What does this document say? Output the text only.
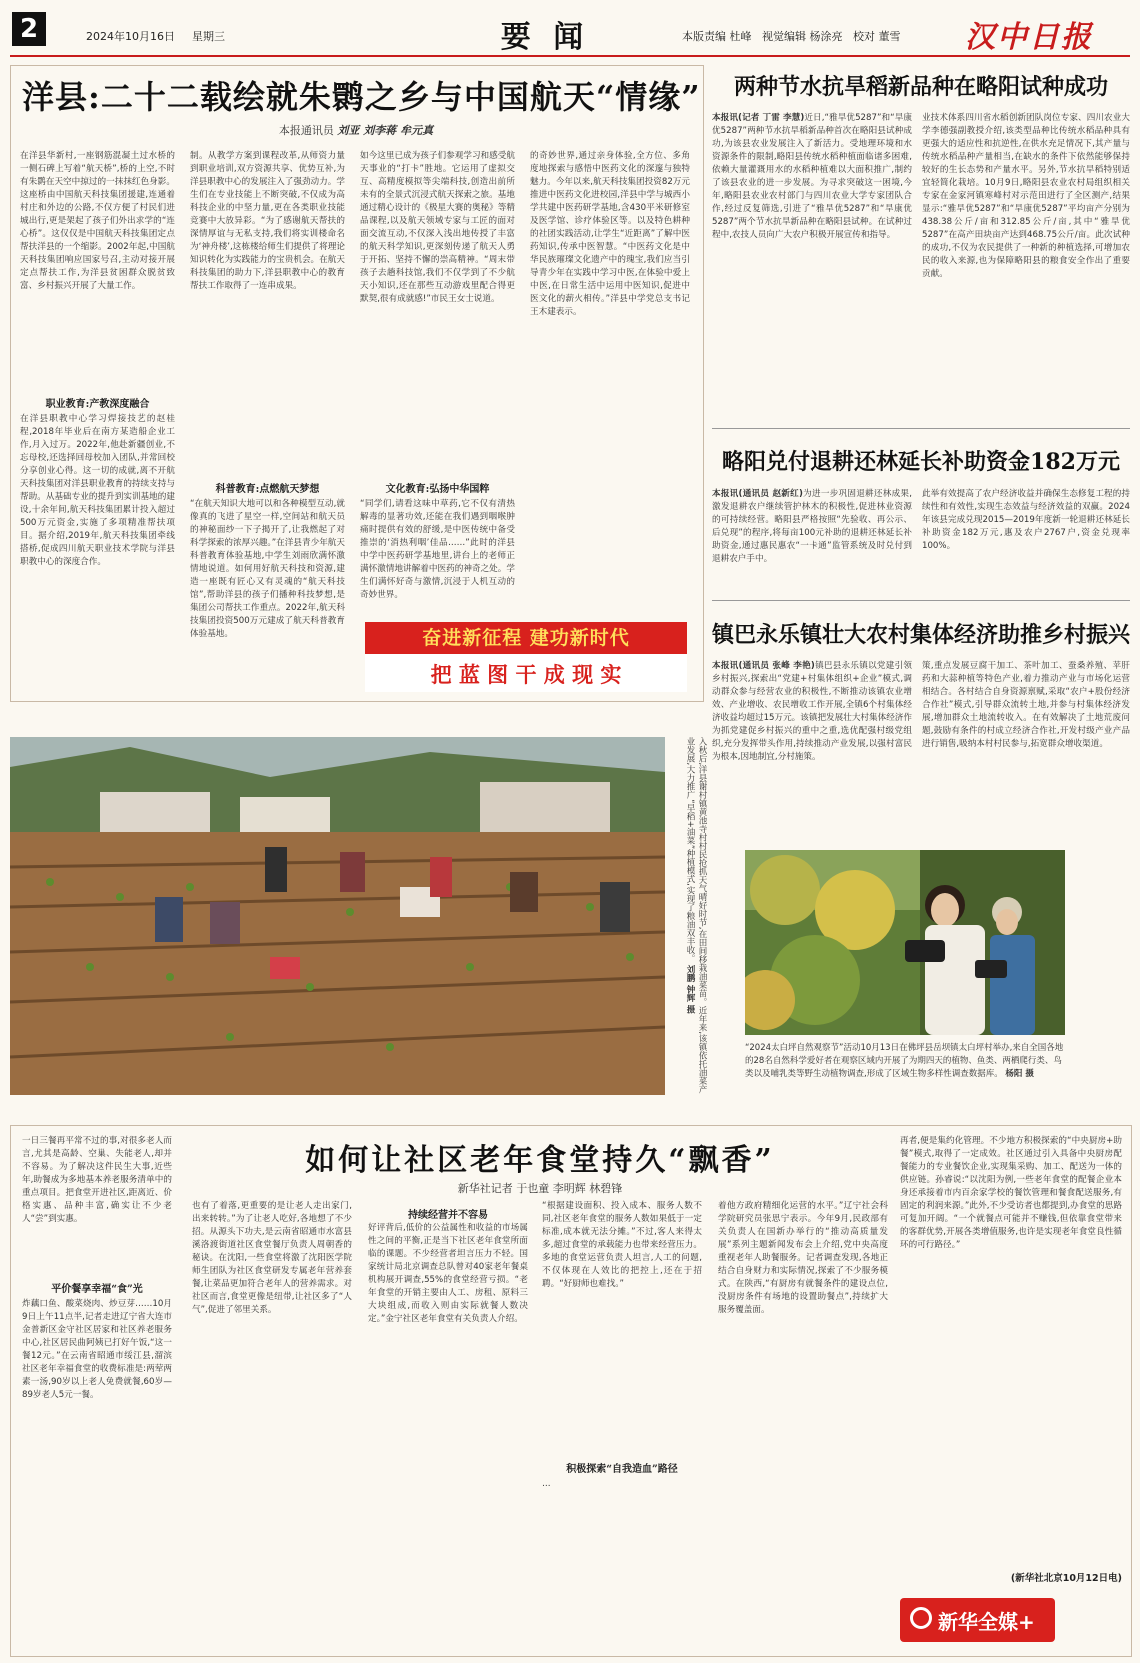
2	2024年10月16日 星期三	要 闻	本版责编 杜峰 视觉编辑 杨涂亮 校对 董雪 汉中日报
洋县:二十二载绘就朱鹮之乡与中国航天“情缘”
本报通讯员 刘亚 刘李蒋 牟元真
在洋县华新村,一座钢筋混凝土过水桥的一侧石碑上写着“航天桥”,桥的上空,不时有朱鹮在天空中掠过的一抹抹红色身影。这座桥由中国航天科技集团援建,连通着村庄和外边的公路,不仅方便了村民们进城出行,更是架起了孩子们外出求学的“连心桥”。这仅仅是中国航天科技集团定点帮扶洋县的一个缩影。2002年起,中国航天科技集团响应国家号召,主动对接开展定点帮扶工作,为洋县贫困群众脱贫致富、乡村振兴开展了大量工作。
职业教育:产教深度融合
在洋县职教中心学习焊接技艺的赵桂程,2018年毕业后在南方某造船企业工作,月入过万。2022年,他赴新疆创业,不忘母校,还选择回母校加入团队,并常回校分享创业心得。这一切的成就,离不开航天科技集团对洋县职业教育的持续支持与帮助。从基础专业的提升到实训基地的建设,十余年间,航天科技集团累计投入超过500万元资金,实施了多项精准帮扶项目。据介绍,2019年,航天科技集团牵线搭桥,促成四川航天职业技术学院与洋县职教中心的深度合作。
制。从教学方案到课程改革,从师资力量到职业培训,双方资源共享、优势互补,为洋县职教中心的发展注入了强劲动力。学生们在专业技能上不断突破,不仅成为高科技企业的中坚力量,更在各类职业技能竞赛中大放异彩。“为了感谢航天帮扶的深情厚谊与无私支持,我们将实训楼命名为‘神舟楼’,这栋楼给师生们提供了将理论知识转化为实践能力的宝贵机会。在航天科技集团的助力下,洋县职教中心的教育帮扶工作取得了一连串成果。
科普教育:点燃航天梦想
“在航天知识大地可以和各种模型互动,就像真的飞进了星空一样,空间站和航天员的神秘面纱一下子揭开了,让我燃起了对科学探索的浓厚兴趣。”在洋县青少年航天科普教育体验基地,中学生刘雨欣满怀激情地说道。如何用好航天科技和资源,建造一座既有匠心又有灵魂的“航天科技馆”,帮助洋县的孩子们播种科技梦想,是集团公司帮扶工作重点。2022年,航天科技集团投资500万元建成了航天科普教育体验基地。
如今这里已成为孩子们参观学习和感受航天事业的“打卡”胜地。它运用了虚拟交互、高精度模拟等尖端科技,创造出前所未有的全景式沉浸式航天探索之旅。基地通过精心设计的《极星大赛的奥秘》等精品课程,以及航天领域专家与工匠的面对面交流互动,不仅深入浅出地传授了丰富的航天科学知识,更深刻传递了航天人勇于开拓、坚持不懈的崇高精神。“周末带孩子去趟科技馆,我们不仅学到了不少航天小知识,还在那些互动游戏里配合得更默契,很有成就感!”市民王女士说道。
文化教育:弘扬中华国粹
“同学们,请看这味中草药,它不仅有清热解毒的显著功效,还能在我们遇到咽喉肿痛时提供有效的舒缓,是中医传统中备受推崇的‘消热利咽’佳品……”此时的洋县中学中医药研学基地里,讲台上的老师正满怀激情地讲解着中医药的神奇之处。学生们满怀好奇与激情,沉浸于人机互动的奇妙世界。
的奇妙世界,通过亲身体验,全方位、多角度地探索与感悟中医药文化的深邃与独特魅力。今年以来,航天科技集团投资82万元推进中医药文化进校园,洋县中学与城西小学共建中医药研学基地,含430平米研修室及医学馆、诊疗体验区等。以及特色耕种的社团实践活动,让学生“近距离”了解中医药知识,传承中医智慧。“中医药文化是中华民族璀璨文化遗产中的瑰宝,我们应当引导青少年在实践中学习中医,在体验中爱上中医,在日常生活中运用中医知识,促进中医文化的薪火相传。”洋县中学党总支书记王木建表示。
奋进新征程 建功新时代
把 蓝 图 干 成 现 实
两种节水抗旱稻新品种在略阳试种成功
本报讯(记者 丁雷 李慧)近日,“雅旱优5287”和“旱康优5287”两种节水抗旱稻新品种首次在略阳县试种成功,为该县农业发展注入了新活力。受地理环境和水资源条件的限制,略阳县传统水稻种植面临诸多困难,依赖大量灌溉用水的水稻种植难以大面积推广,制约了该县农业的进一步发展。为寻求突破这一困境,今年,略阳县农业农村部门与四川农业大学专家团队合作,经过反复筛选,引进了“雅旱优5287”和“旱康优5287”两个节水抗旱新品种在略阳县试种。在试种过程中,农技人员向广大农户积极开展宣传和指导。
业技术体系四川省水稻创新团队岗位专家、四川农业大学李德强副教授介绍,该类型品种比传统水稻品种具有更强大的适应性和抗逆性,在供水充足情况下,其产量与传统水稻品种产量相当,在缺水的条件下依然能够保持较好的生长态势和产量水平。另外,节水抗旱稻特别适宜轻简化栽培。10月9日,略阳县农业农村局组织相关专家在金家河镇寒峰村对示范田进行了全区测产,结果显示:“雅旱优5287”和“旱康优5287”平均亩产分别为438.38公斤/亩和312.85公斤/亩,其中“雅旱优5287”在高产田块亩产达到468.75公斤/亩。此次试种的成功,不仅为农民提供了一种新的种植选择,可增加农民的收入来源,也为保障略阳县的粮食安全作出了重要贡献。
略阳兑付退耕还林延长补助资金182万元
本报讯(通讯员 赵新红)为进一步巩固退耕还林成果,激发退耕农户继续管护林木的积极性,促进林业资源的可持续经营。略阳县严格按照“先验收、再公示、后兑现”的程序,将每亩100元补助的退耕还林延长补助资金,通过惠民惠农“一卡通”监管系统及时兑付到退耕农户手中。
此举有效提高了农户经济收益并确保生态修复工程的持续性和有效性,实现生态效益与经济效益的双赢。2024年该县完成兑现2015—2019年度新一轮退耕还林延长补助资金182万元,惠及农户2767户,资金兑现率100%。
镇巴永乐镇壮大农村集体经济助推乡村振兴
本报讯(通讯员 张峰 李艳)镇巴县永乐镇以党建引领乡村振兴,探索出“党建+村集体组织+企业”模式,调动群众参与经营农业的积极性,不断推动该镇农业增效、产业增收、农民增收工作开展,全镇6个村集体经济收益均超过15万元。该镇把发展壮大村集体经济作为抓党建促乡村振兴的重中之重,选优配强村级党组织,充分发挥带头作用,持续推动产业发展,以强村富民为根本,因地制宜,分村施策。
策,重点发展豆腐干加工、茶叶加工、蚕桑养殖、苹肝药和大蒜种植等特色产业,着力推动产业与市场化运营相结合。各村结合自身资源禀赋,采取“农户+股份经济合作社”模式,引导群众流转土地,并参与村集体经济发展,增加群众土地流转收入。在有效解决了土地荒废问题,鼓励有条件的村成立经济合作社,开发村级产业产品进行销售,吸纳本村村民参与,拓宽群众增收渠道。
“2024太白坪自然观察节”活动10月13日在佛坪县岳坝镇太白坪村举办,来自全国各地的28名自然科学爱好者在观察区域内开展了为期四天的植物、鱼类、两栖爬行类、鸟类以及哺乳类等野生动植物调查,形成了区域生物多样性调查数据库。 杨阳 摄
入秋后,洋县谢村镇黄池寺村村民抢抓天气晴好时节,在田间移栽油菜苗。近年来,该镇依托油菜产业发展,大力推广“早稻+油菜”种植模式,实现了粮油双丰收。 刘鹏 钟辉 摄
如何让社区老年食堂持久“飘香”
新华社记者 于也童 李明辉 林碧锋
一日三餐再平常不过的事,对很多老人而言,尤其是高龄、空巢、失能老人,却并不容易。为了解决这件民生大事,近些年,助餐成为多地基本养老服务清单中的重点项目。把食堂开进社区,距离近、价格实惠、品种丰富,确实让不少老人“尝”到实惠。
平价餐享幸福“食”光
炸藕口鱼、酸菜烧肉、炒豆芽……10月9日上午11点半,记者走进辽宁省大连市金普新区金守社区居家和社区养老服务中心,社区居民曲阿姨已打好午饭,“这一餐12元。”在云南省昭通市绥江县,溜滨社区老年幸福食堂的收费标准是:两荤两素一汤,90岁以上老人免费就餐,60岁—89岁老人5元一餐。
也有了着落,更重要的是让老人走出家门,出来转转。”为了让老人吃好,各地想了不少招。从源头下功夫,是云南省昭通市水富县溪洛渡街道社区食堂餐厅负责人周朝香的秘诀。在沈阳,一些食堂将激了沈阳医学院师生团队为社区食堂研发专属老年营养套餐,让菜品更加符合老年人的营养需求。对社区而言,食堂更像是纽带,让社区多了“人气”,促进了邻里关系。
持续经营并不容易
好评背后,低价的公益属性和收益的市场属性之间的平衡,正是当下社区老年食堂所面临的课题。不少经营者坦言压力不轻。国家统计局北京调查总队曾对40家老年餐桌机构展开调查,55%的食堂经营亏损。“老年食堂的开销主要由人工、房租、原料三大块组成,而收入则由实际就餐人数决定。”金宁社区老年食堂有关负责人介绍。
“根据建设面积、投入成本、服务人数不同,社区老年食堂的服务人数如果低于一定标准,成本就无法分摊。”不过,客人来得太多,超过食堂的承载能力也带来经营压力。多地的食堂运营负责人坦言,人工的问题,不仅体现在人效比的把控上,还在于招聘。“好厨师也难找。”
积极探索“自我造血”路径
…
着他方政府精细化运营的水平。”辽宁社会科学院研究员张思宁表示。今年9月,民政部有关负责人在国新办举行的“推动高质量发展”系列主题新闻发布会上介绍,党中央高度重视老年人助餐服务。记者调查发现,各地正结合自身财力和实际情况,探索了不少服务模式。在陕西,“有厨房有就餐条件的建设点位,没厨房条件有场地的设置助餐点”,持续扩大服务覆盖面。
再者,便是集约化管理。不少地方积极探索的“中央厨房+助餐”模式,取得了一定成效。社区通过引入具备中央厨房配餐能力的专业餐饮企业,实现集采购、加工、配送为一体的供应链。孙睿说:“以沈阳为例,一些老年食堂的配餐企业本身还承接着市内百余家学校的餐饮管理和餐食配送服务,有固定的利润来源。”此外,不少受访者也都提到,办食堂的思路可复加开阔。“一个就餐点可能并不赚钱,但依靠食堂带来的客群优势,开展各类增值服务,也许是实现老年食堂良性循环的可行路径。”
(新华社北京10月12日电)
新华全媒+
